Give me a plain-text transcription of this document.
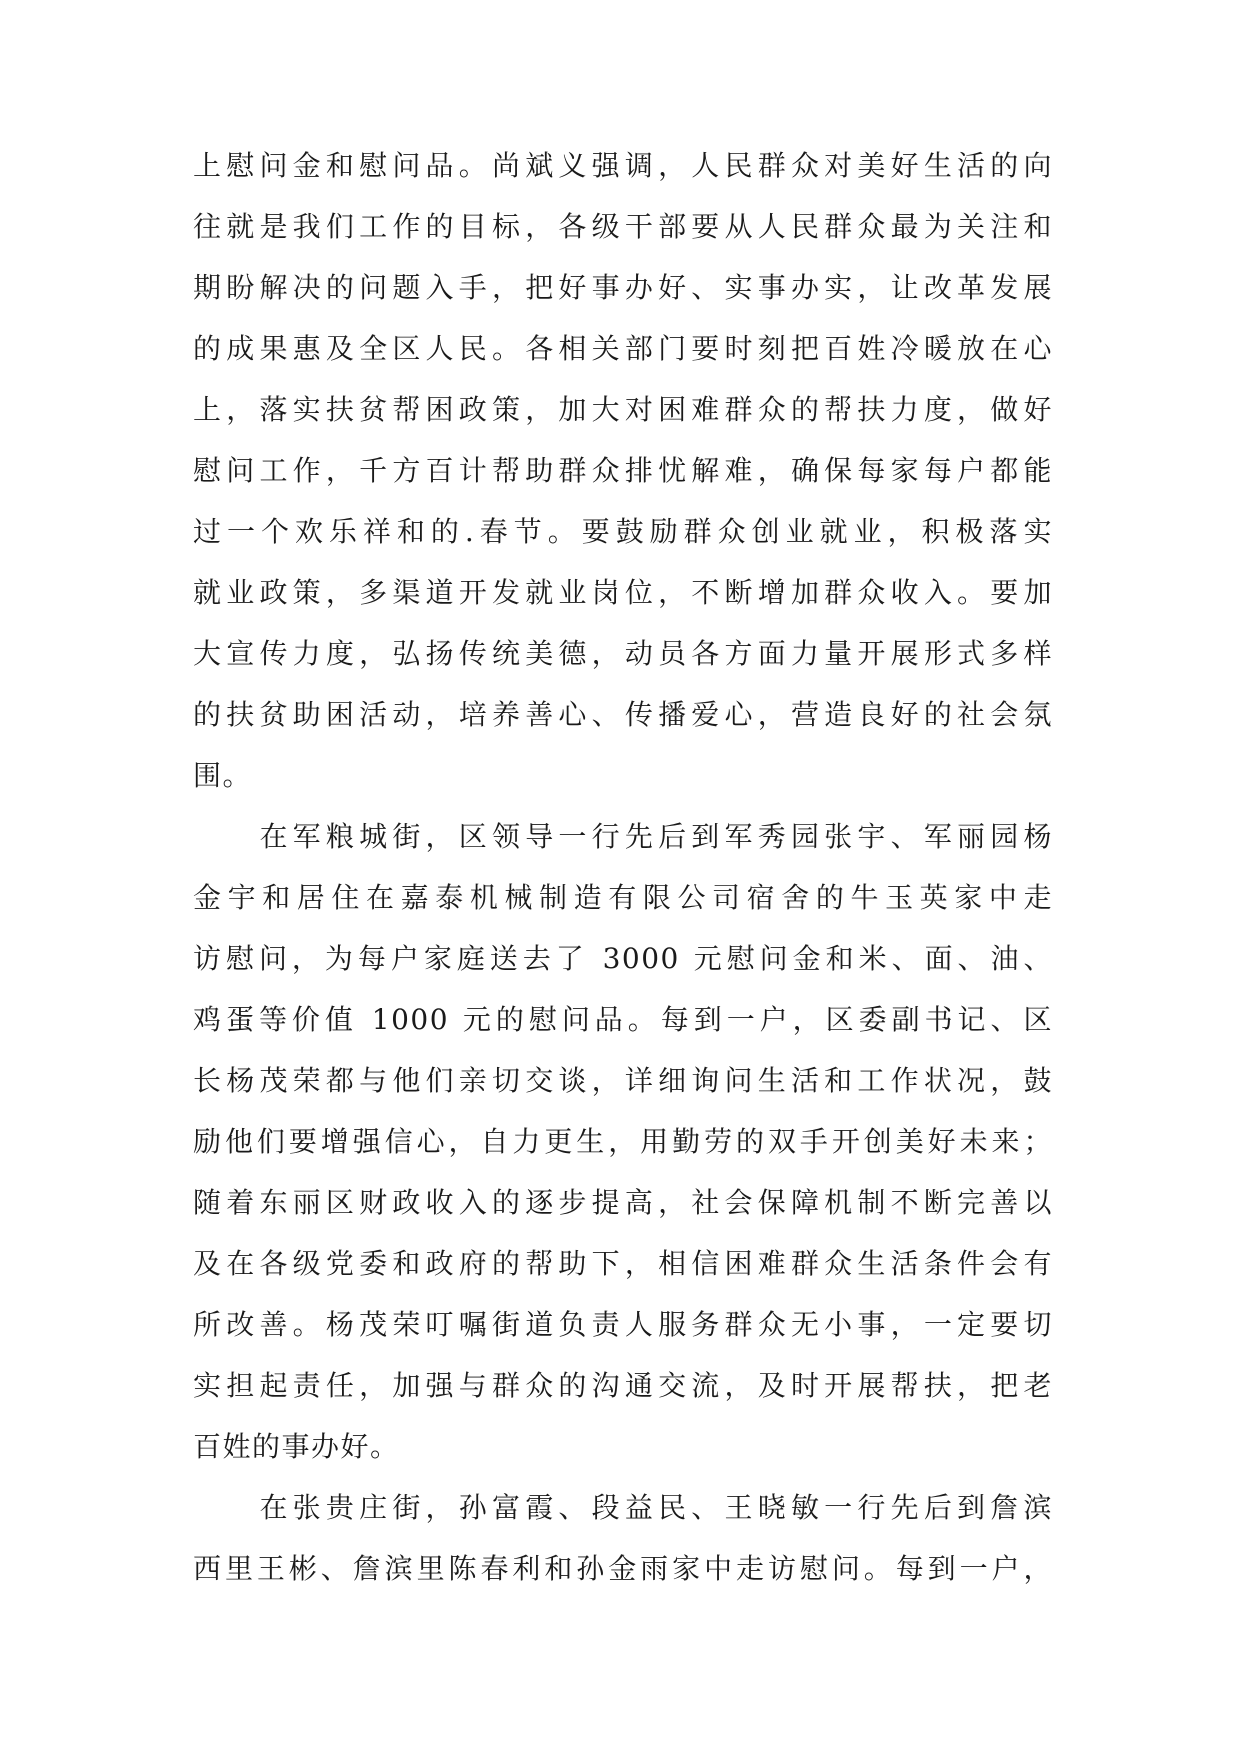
上慰问金和慰问品。尚斌义强调，人民群众对美好生活的向
往就是我们工作的目标，各级干部要从人民群众最为关注和
期盼解决的问题入手，把好事办好、实事办实，让改革发展
的成果惠及全区人民。各相关部门要时刻把百姓冷暖放在心
上，落实扶贫帮困政策，加大对困难群众的帮扶力度，做好
慰问工作，千方百计帮助群众排忧解难，确保每家每户都能
过一个欢乐祥和的.春节。要鼓励群众创业就业，积极落实
就业政策，多渠道开发就业岗位，不断增加群众收入。要加
大宣传力度，弘扬传统美德，动员各方面力量开展形式多样
的扶贫助困活动，培养善心、传播爱心，营造良好的社会氛
围。
　　在军粮城街，区领导一行先后到军秀园张宇、军丽园杨
金宇和居住在嘉泰机械制造有限公司宿舍的牛玉英家中走
访慰问，为每户家庭送去了 3000 元慰问金和米、面、油、
鸡蛋等价值 1000 元的慰问品。每到一户，区委副书记、区
长杨茂荣都与他们亲切交谈，详细询问生活和工作状况，鼓
励他们要增强信心，自力更生，用勤劳的双手开创美好未来；
随着东丽区财政收入的逐步提高，社会保障机制不断完善以
及在各级党委和政府的帮助下，相信困难群众生活条件会有
所改善。杨茂荣叮嘱街道负责人服务群众无小事，一定要切
实担起责任，加强与群众的沟通交流，及时开展帮扶，把老
百姓的事办好。
　　在张贵庄街，孙富霞、段益民、王晓敏一行先后到詹滨
西里王彬、詹滨里陈春利和孙金雨家中走访慰问。每到一户，
